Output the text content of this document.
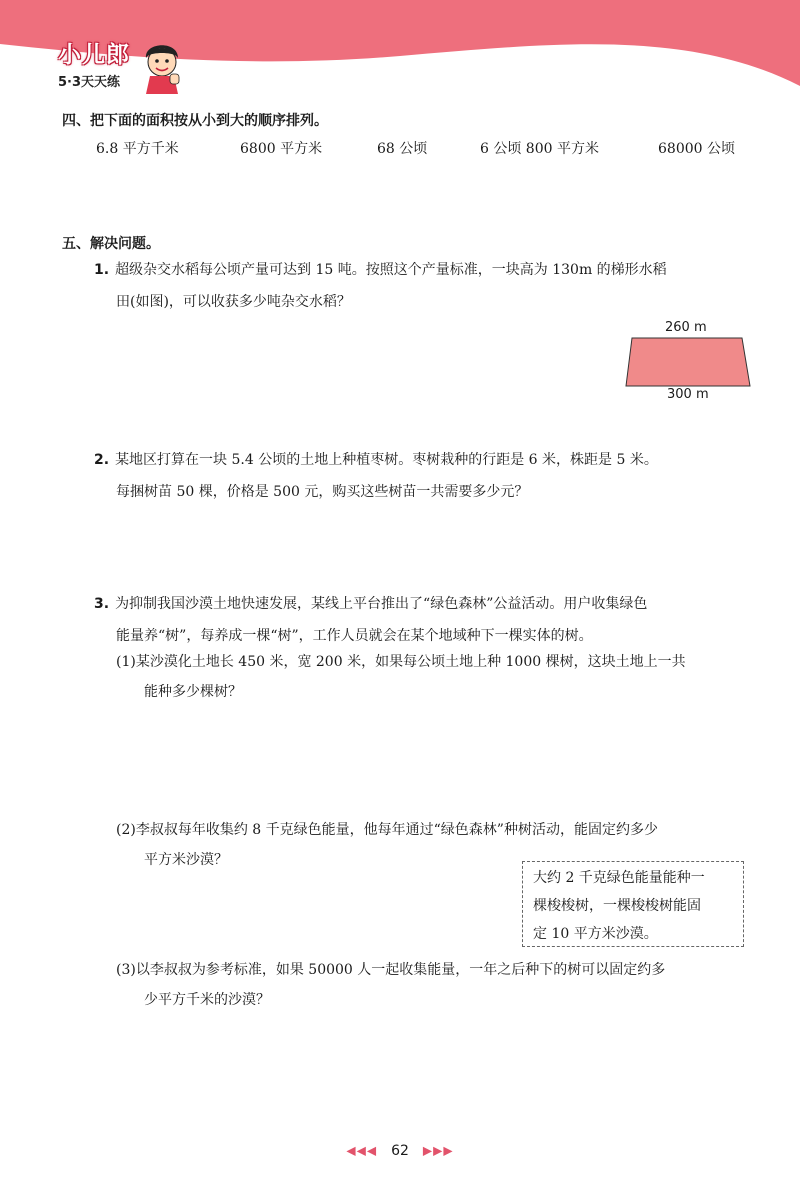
小儿郎
5·3天天练
四、把下面的面积按从小到大的顺序排列。
6.8 平方千米	6800 平方米	68 公顷	6 公顷 800 平方米	68000 公顷
五、解决问题。
1. 超级杂交水稻每公顷产量可达到 15 吨。按照这个产量标准，一块高为 130m 的梯形水稻
田(如图)，可以收获多少吨杂交水稻？
260 m
300 m
2. 某地区打算在一块 5.4 公顷的土地上种植枣树。枣树栽种的行距是 6 米，株距是 5 米。
每捆树苗 50 棵，价格是 500 元，购买这些树苗一共需要多少元？
3. 为抑制我国沙漠土地快速发展，某线上平台推出了“绿色森林”公益活动。用户收集绿色
能量养“树”，每养成一棵“树”，工作人员就会在某个地域种下一棵实体的树。
(1)某沙漠化土地长 450 米，宽 200 米，如果每公顷土地上种 1000 棵树，这块土地上一共
能种多少棵树？
(2)李叔叔每年收集约 8 千克绿色能量，他每年通过“绿色森林”种树活动，能固定约多少
平方米沙漠？
大约 2 千克绿色能量能种一
棵梭梭树，一棵梭梭树能固
定 10 平方米沙漠。
(3)以李叔叔为参考标准，如果 50000 人一起收集能量，一年之后种下的树可以固定约多
少平方千米的沙漠？
◀◀◀ 62 ▶▶▶
